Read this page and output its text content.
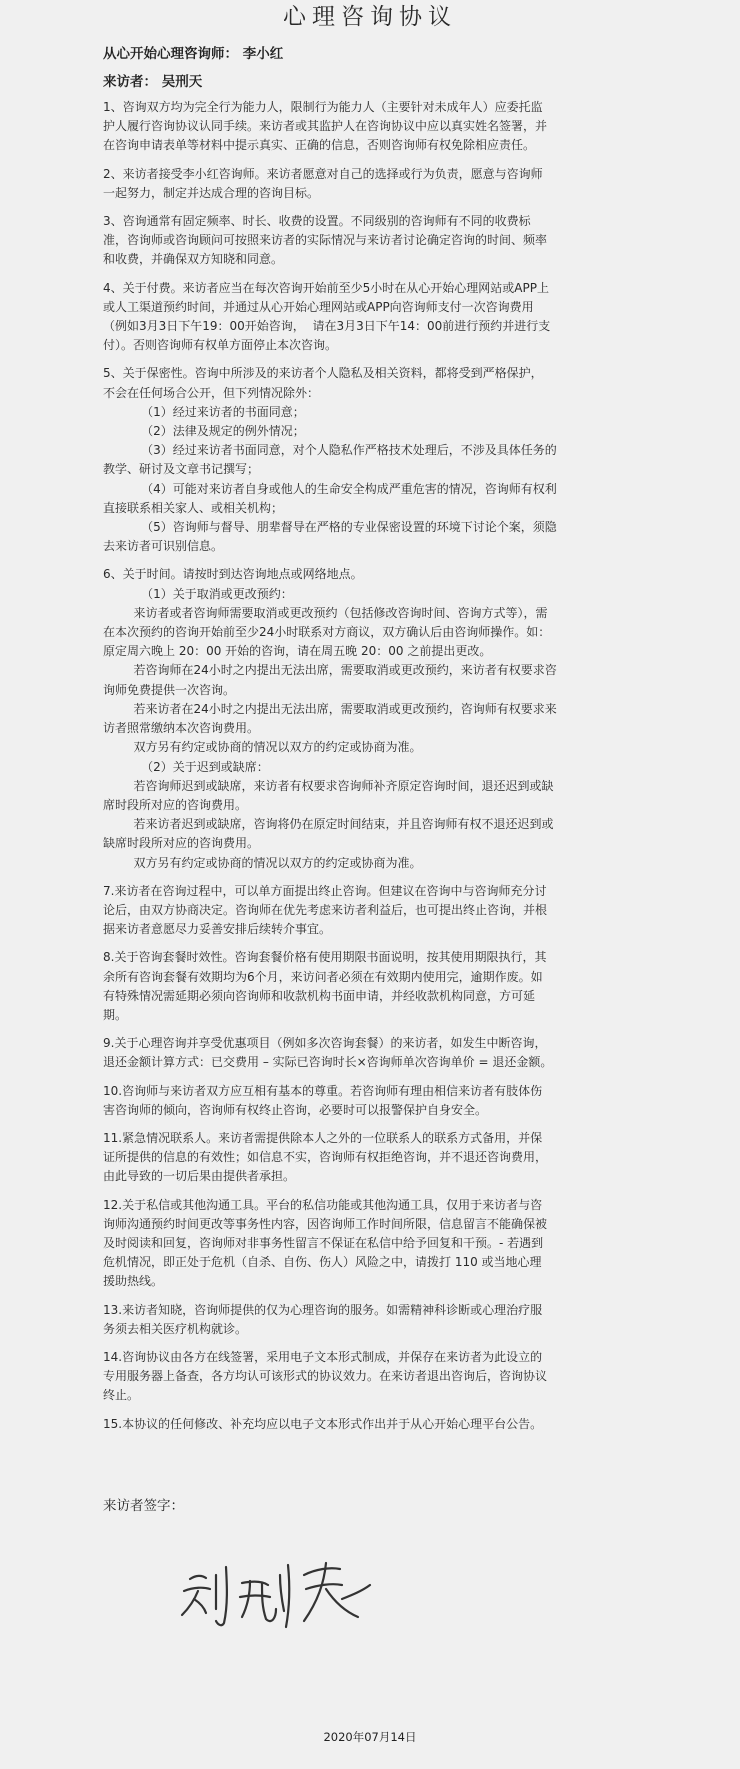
心理咨询协议
从心开始心理咨询师： 李小红
来访者： 吴刑天
1、咨询双方均为完全行为能力人，限制行为能力人（主要针对未成年人）应委托监
护人履行咨询协议认同手续。来访者或其监护人在咨询协议中应以真实姓名签署，并
在咨询申请表单等材料中提示真实、正确的信息，否则咨询师有权免除相应责任。
2、来访者接受李小红咨询师。来访者愿意对自己的选择或行为负责，愿意与咨询师
一起努力，制定并达成合理的咨询目标。
3、咨询通常有固定频率、时长、收费的设置。不同级别的咨询师有不同的收费标
准，咨询师或咨询顾问可按照来访者的实际情况与来访者讨论确定咨询的时间、频率
和收费，并确保双方知晓和同意。
4、关于付费。来访者应当在每次咨询开始前至少5小时在从心开始心理网站或APP上
或人工渠道预约时间，并通过从心开始心理网站或APP向咨询师支付一次咨询费用
（例如3月3日下午19：00开始咨询，  请在3月3日下午14：00前进行预约并进行支
付）。否则咨询师有权单方面停止本次咨询。
5、关于保密性。咨询中所涉及的来访者个人隐私及相关资料，都将受到严格保护，
不会在任何场合公开，但下列情况除外：
（1）经过来访者的书面同意；
（2）法律及规定的例外情况；
（3）经过来访者书面同意，对个人隐私作严格技术处理后，不涉及具体任务的
教学、研讨及文章书记撰写；
（4）可能对来访者自身或他人的生命安全构成严重危害的情况，咨询师有权利
直接联系相关家人、或相关机构；
（5）咨询师与督导、朋辈督导在严格的专业保密设置的环境下讨论个案，须隐
去来访者可识别信息。
6、关于时间。请按时到达咨询地点或网络地点。
（1）关于取消或更改预约：
来访者或者咨询师需要取消或更改预约（包括修改咨询时间、咨询方式等），需
在本次预约的咨询开始前至少24小时联系对方商议，双方确认后由咨询师操作。如：
原定周六晚上 20：00 开始的咨询，请在周五晚 20：00 之前提出更改。
若咨询师在24小时之内提出无法出席，需要取消或更改预约，来访者有权要求咨
询师免费提供一次咨询。
若来访者在24小时之内提出无法出席，需要取消或更改预约，咨询师有权要求来
访者照常缴纳本次咨询费用。
双方另有约定或协商的情况以双方的约定或协商为准。
（2）关于迟到或缺席：
若咨询师迟到或缺席，来访者有权要求咨询师补齐原定咨询时间，退还迟到或缺
席时段所对应的咨询费用。
若来访者迟到或缺席，咨询将仍在原定时间结束，并且咨询师有权不退还迟到或
缺席时段所对应的咨询费用。
双方另有约定或协商的情况以双方的约定或协商为准。
7.来访者在咨询过程中，可以单方面提出终止咨询。但建议在咨询中与咨询师充分讨
论后，由双方协商决定。咨询师在优先考虑来访者利益后，也可提出终止咨询，并根
据来访者意愿尽力妥善安排后续转介事宜。
8.关于咨询套餐时效性。咨询套餐价格有使用期限书面说明，按其使用期限执行，其
余所有咨询套餐有效期均为6个月，来访问者必须在有效期内使用完，逾期作废。如
有特殊情况需延期必须向咨询师和收款机构书面申请，并经收款机构同意，方可延
期。
9.关于心理咨询并享受优惠项目（例如多次咨询套餐）的来访者，如发生中断咨询，
退还金额计算方式：已交费用 – 实际已咨询时长×咨询师单次咨询单价 = 退还金额。
10.咨询师与来访者双方应互相有基本的尊重。若咨询师有理由相信来访者有肢体伤
害咨询师的倾向，咨询师有权终止咨询，必要时可以报警保护自身安全。
11.紧急情况联系人。来访者需提供除本人之外的一位联系人的联系方式备用，并保
证所提供的信息的有效性；如信息不实，咨询师有权拒绝咨询，并不退还咨询费用，
由此导致的一切后果由提供者承担。
12.关于私信或其他沟通工具。平台的私信功能或其他沟通工具，仅用于来访者与咨
询师沟通预约时间更改等事务性内容，因咨询师工作时间所限，信息留言不能确保被
及时阅读和回复，咨询师对非事务性留言不保证在私信中给予回复和干预。- 若遇到
危机情况，即正处于危机（自杀、自伤、伤人）风险之中，请拨打 110 或当地心理
援助热线。
13.来访者知晓，咨询师提供的仅为心理咨询的服务。如需精神科诊断或心理治疗服
务须去相关医疗机构就诊。
14.咨询协议由各方在线签署，采用电子文本形式制成，并保存在来访者为此设立的
专用服务器上备查，各方均认可该形式的协议效力。在来访者退出咨询后，咨询协议
终止。
15.本协议的任何修改、补充均应以电子文本形式作出并于从心开始心理平台公告。
来访者签字：
2020年07月14日
